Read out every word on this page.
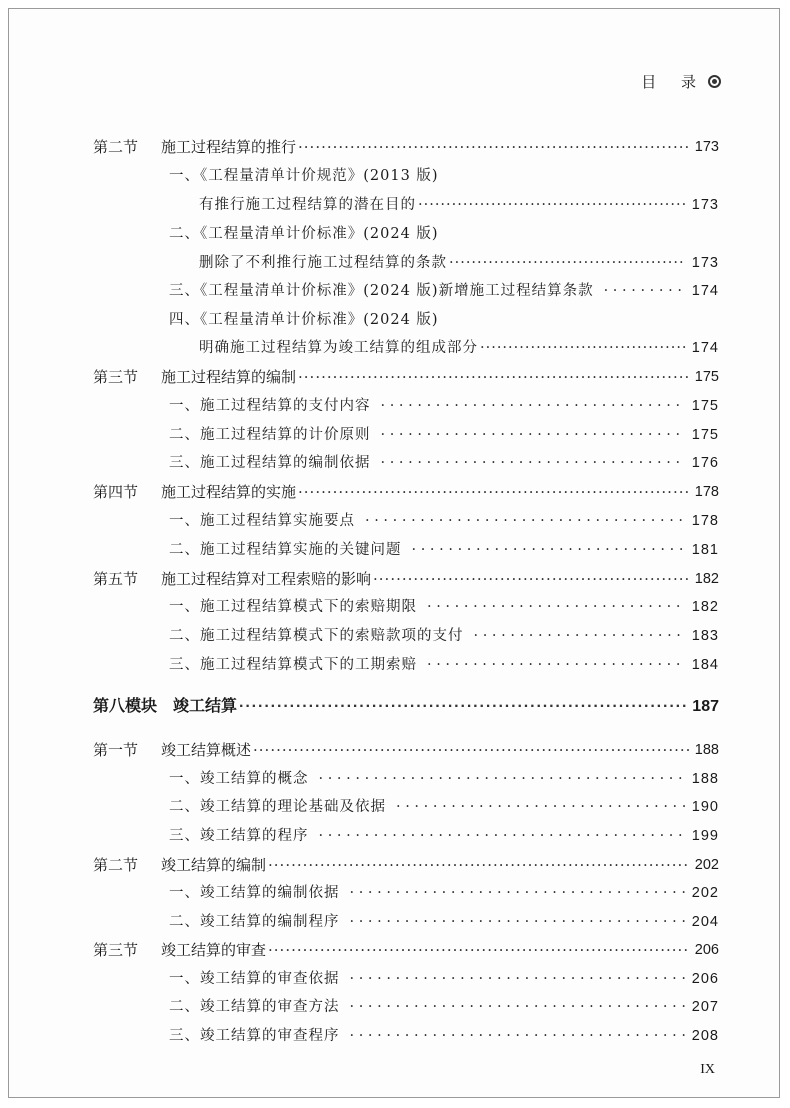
目 录
第二节 施工过程结算的推行 ·····	173
一、《工程量清单计价规范》(2013 版)
有推行施工过程结算的潜在目的 ·····	173
二、《工程量清单计价标准》(2024 版)
删除了不利推行施工过程结算的条款 ·····	173
三、《工程量清单计价标准》(2024 版)新增施工过程结算条款 · · ·	174
四、《工程量清单计价标准》(2024 版)
明确施工过程结算为竣工结算的组成部分 ·····	174
第三节 施工过程结算的编制 ·····	175
一、施工过程结算的支付内容 · · ·	175
二、施工过程结算的计价原则 · · ·	175
三、施工过程结算的编制依据 · · ·	176
第四节 施工过程结算的实施 ·····	178
一、施工过程结算实施要点 · · ·	178
二、施工过程结算实施的关键问题 · · ·	181
第五节 施工过程结算对工程索赔的影响 ·····	182
一、施工过程结算模式下的索赔期限 · · ·	182
二、施工过程结算模式下的索赔款项的支付 · · ·	183
三、施工过程结算模式下的工期索赔 · · ·	184
第八模块 竣工结算 ·····	187
第一节 竣工结算概述 ·····	188
一、竣工结算的概念 · · ·	188
二、竣工结算的理论基础及依据 · · ·	190
三、竣工结算的程序 · · ·	199
第二节 竣工结算的编制 ·····	202
一、竣工结算的编制依据 · · ·	202
二、竣工结算的编制程序 · · ·	204
第三节 竣工结算的审查 ·····	206
一、竣工结算的审查依据 · · ·	206
二、竣工结算的审查方法 · · ·	207
三、竣工结算的审查程序 · · ·	208
IX
